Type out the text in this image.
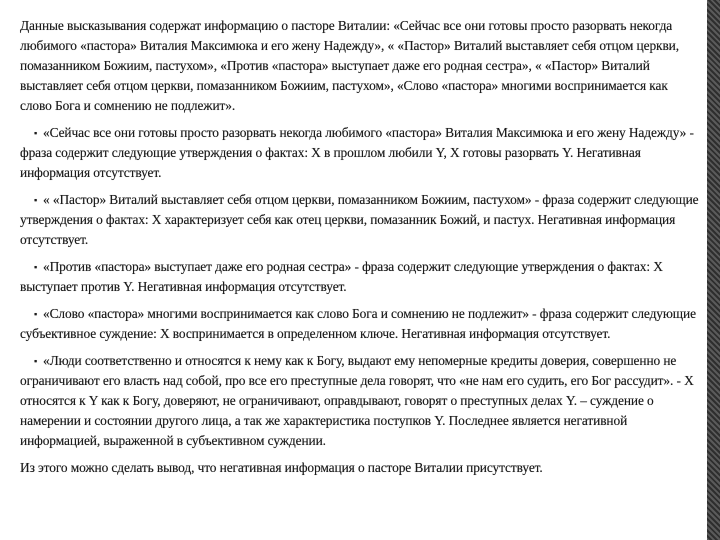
Данные высказывания содержат информацию о пасторе Виталии: «Сейчас все они готовы просто разорвать некогда любимого «пастора» Виталия Максимюка и его жену Надежду», « «Пастор» Виталий выставляет себя отцом церкви, помазанником Божиим, пастухом», «Против «пастора» выступает даже его родная сестра», « «Пастор» Виталий выставляет себя отцом церкви, помазанником Божиим, пастухом», «Слово «пастора» многими воспринимается как слово Бога и сомнению не подлежит».

▪ «Сейчас все они готовы просто разорвать некогда любимого «пастора» Виталия Максимюка и его жену Надежду» - фраза содержит следующие утверждения о фактах: Х в прошлом любили Y, Х готовы разорвать Y. Негативная информация отсутствует.
▪ « «Пастор» Виталий выставляет себя отцом церкви, помазанником Божиим, пастухом» - фраза содержит следующие утверждения о фактах: Х характеризует себя как отец церкви, помазанник Божий, и пастух. Негативная информация отсутствует.
▪ «Против «пастора» выступает даже его родная сестра» - фраза содержит следующие утверждения о фактах: Х выступает против Y. Негативная информация отсутствует.
▪ «Слово «пастора» многими воспринимается как слово Бога и сомнению не подлежит» - фраза содержит следующие субъективное суждение: Х воспринимается в определенном ключе. Негативная информация отсутствует.
▪ «Люди соответственно и относятся к нему как к Богу, выдают ему непомерные кредиты доверия, совершенно не ограничивают его власть над собой, про все его преступные дела говорят, что «не нам его судить, его Бог рассудит». - Х относятся к Y как к Богу, доверяют, не ограничивают, оправдывают, говорят о преступных делах Y. – суждение о намерении и состоянии другого лица, а так же характеристика поступков Y. Последнее является негативной информацией, выраженной в субъективном суждении.

Из этого можно сделать вывод, что негативная информация о пасторе Виталии присутствует.
